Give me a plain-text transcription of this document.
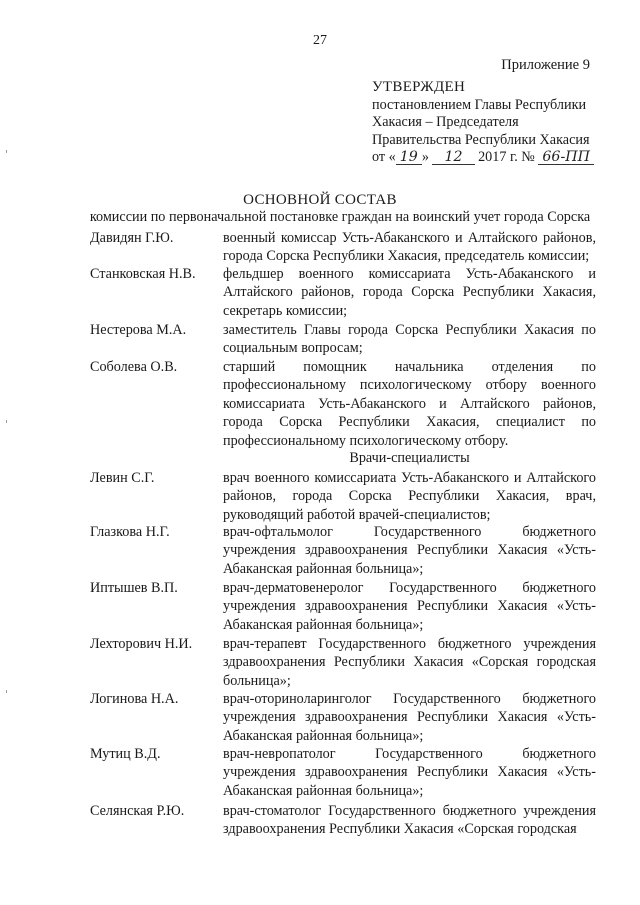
27
Приложение 9
УТВЕРЖДЕН
постановлением Главы Республики
Хакасия – Председателя
Правительства Республики Хакасия
от « 19 » 12 2017 г. № 66-ПП
ОСНОВНОЙ СОСТАВ
комиссии по первоначальной постановке граждан на воинский учет города Сорска
Давидян Г.Ю.	военный комиссар Усть-Абаканского и Алтайского районов, города Сорска Республики Хакасия, председатель комиссии;
Станковская Н.В. фельдшер военного комиссариата Усть-Абаканского и Алтайского районов, города Сорска Республики Хакасия, секретарь комиссии;
Нестерова М.А.	заместитель Главы города Сорска Республики Хакасия по социальным вопросам;
Соболева О.В.	старший помощник начальника отделения по профессиональному психологическому отбору военного комиссариата Усть-Абаканского и Алтайского районов, города Сорска Республики Хакасия, специалист по профессиональному психологическому отбору.
Врачи-специалисты
Левин С.Г.	врач военного комиссариата Усть-Абаканского и Алтайского районов, города Сорска Республики Хакасия, врач, руководящий работой врачей-специалистов;
Глазкова Н.Г.	врач-офтальмолог Государственного бюджетного учреждения здравоохранения Республики Хакасия «Усть-Абаканская районная больница»;
Иптышев В.П.	врач-дерматовенеролог Государственного бюджетного учреждения здравоохранения Республики Хакасия «Усть-Абаканская районная больница»;
Лехторович Н.И. врач-терапевт Государственного бюджетного учреждения здравоохранения Республики Хакасия «Сорская городская больница»;
Логинова Н.А.	врач-оториноларинголог Государственного бюджетного учреждения здравоохранения Республики Хакасия «Усть-Абаканская районная больница»;
Мутиц В.Д.	врач-невропатолог Государственного бюджетного учреждения здравоохранения Республики Хакасия «Усть-Абаканская районная больница»;
Селянская Р.Ю.	врач-стоматолог Государственного бюджетного учреждения здравоохранения Республики Хакасия «Сорская городская
